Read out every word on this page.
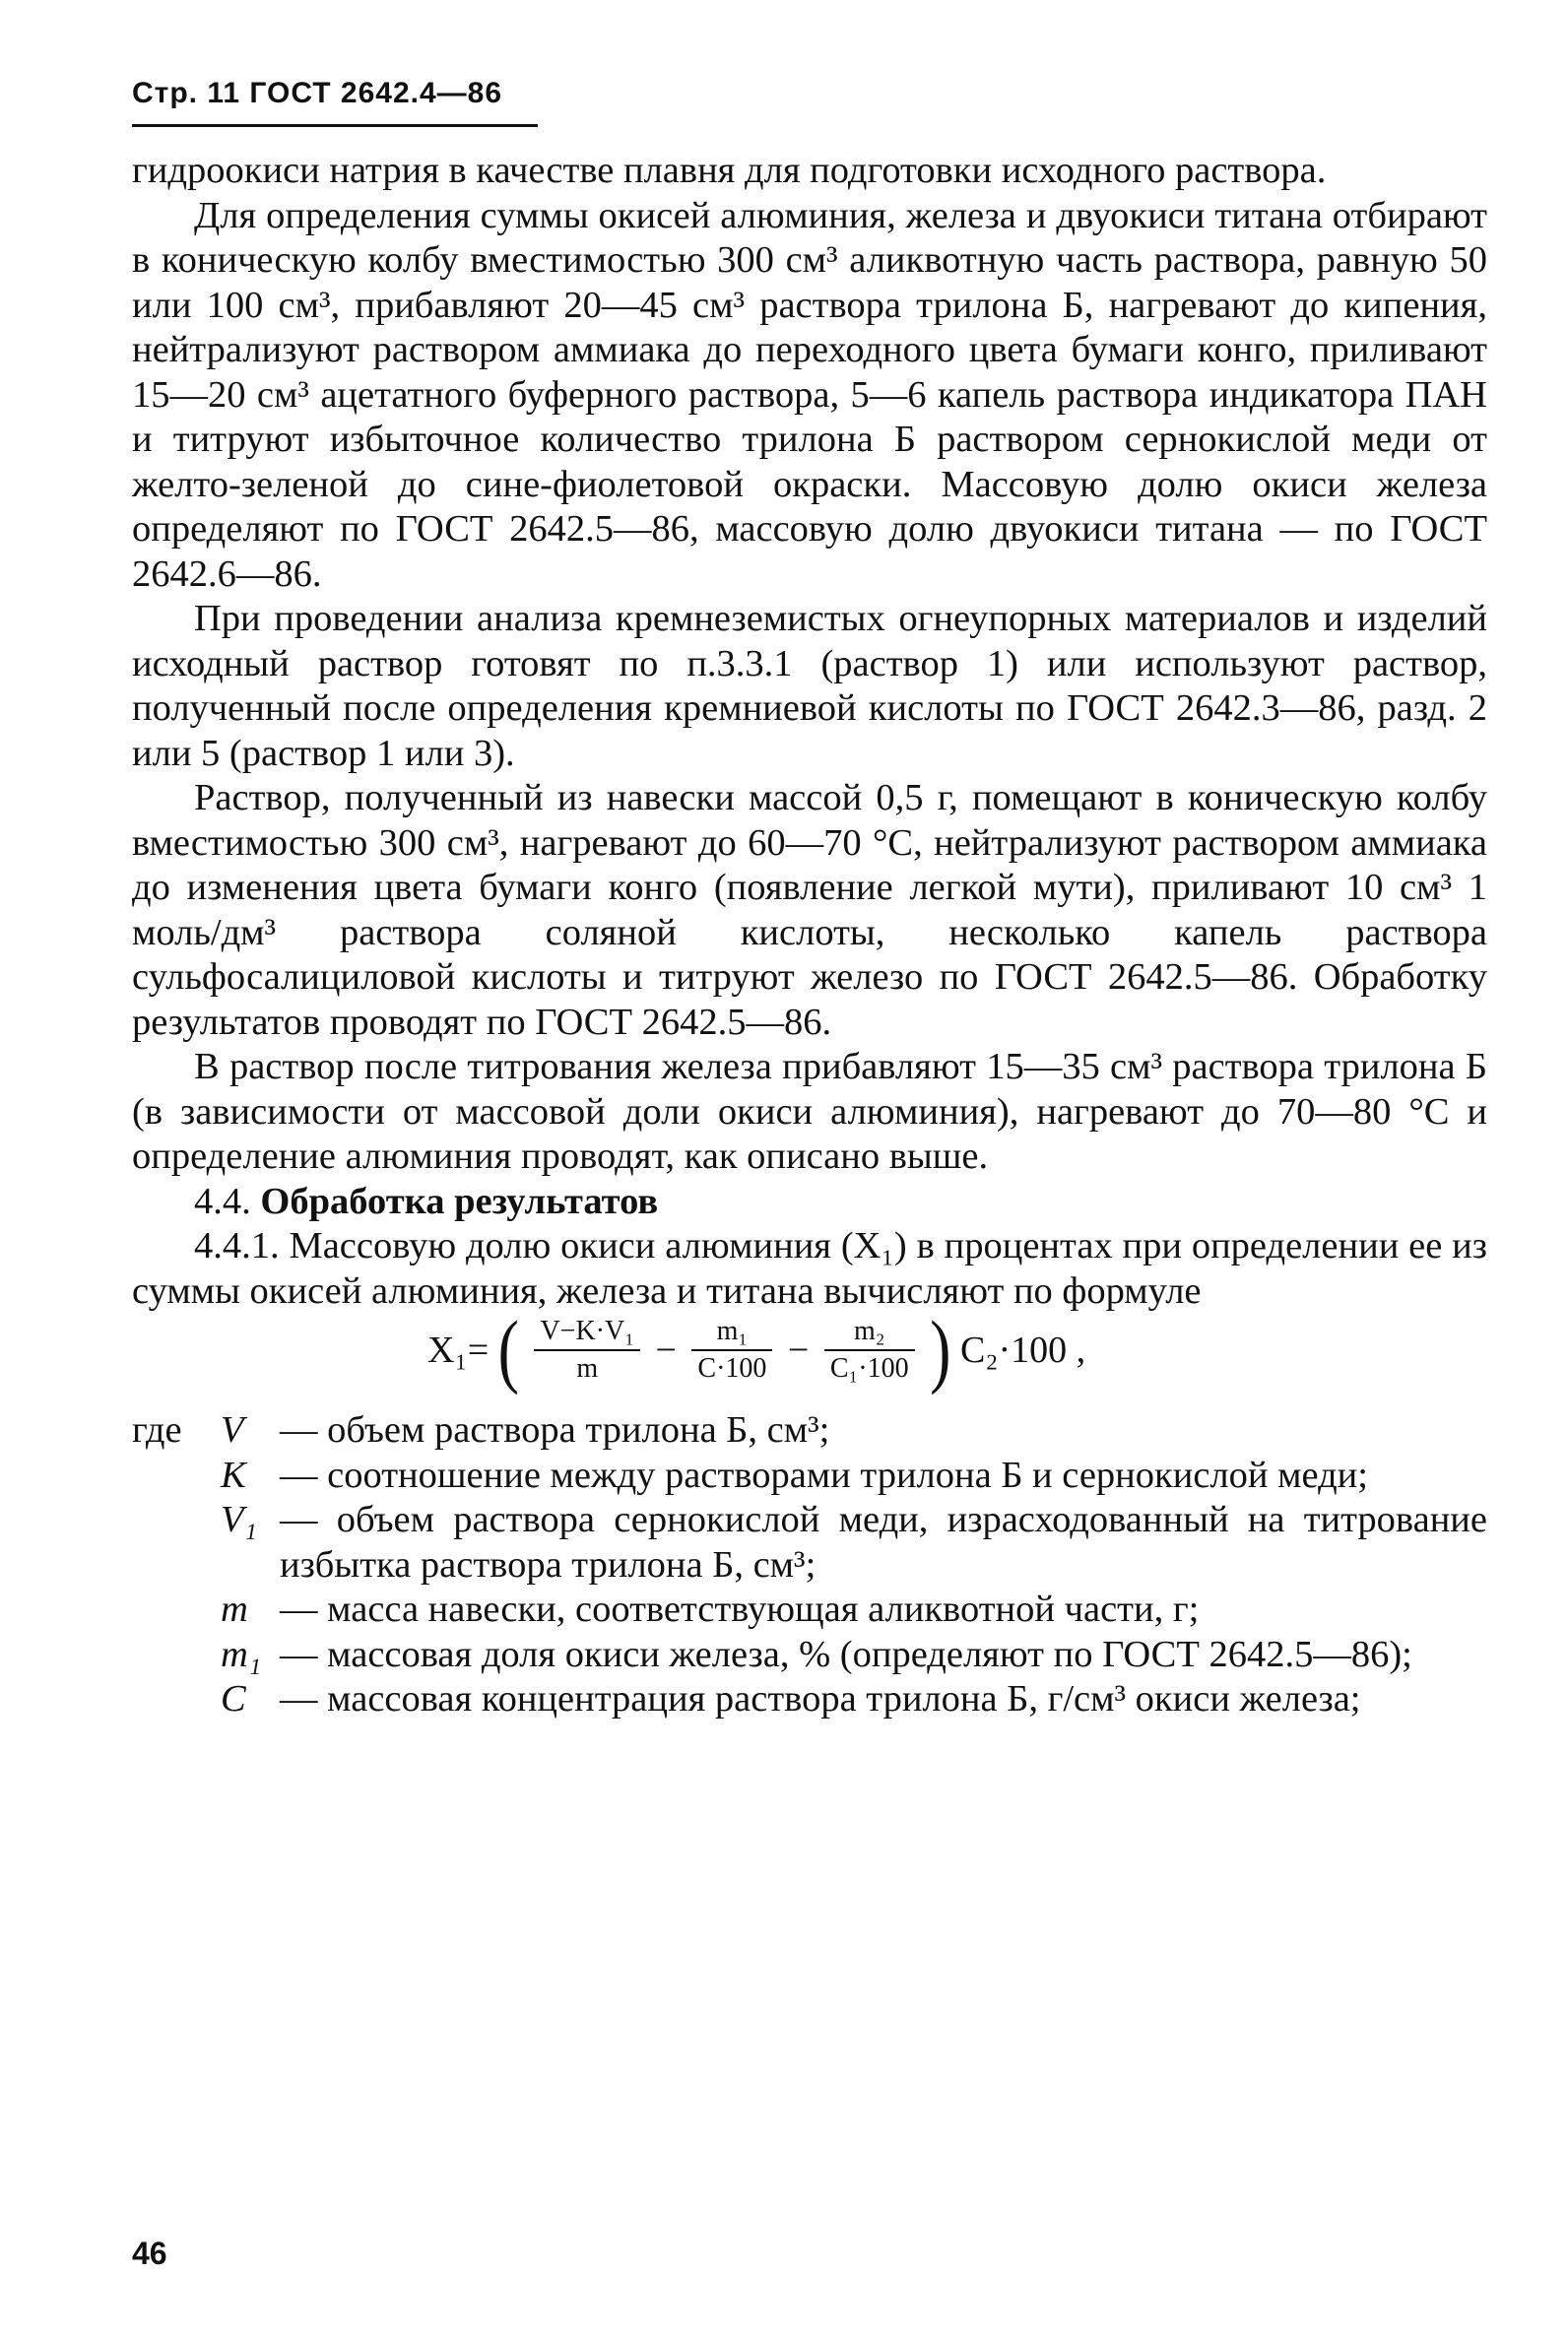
Стр. 11 ГОСТ 2642.4—86

гидроокиси натрия в качестве плавня для подготовки исходного раствора.

Для определения суммы окисей алюминия, железа и двуокиси титана отбирают в коническую колбу вместимостью 300 см³ аликвотную часть раствора, равную 50 или 100 см³, прибавляют 20—45 см³ раствора трилона Б, нагревают до кипения, нейтрализуют раствором аммиака до переходного цвета бумаги конго, приливают 15—20 см³ ацетатного буферного раствора, 5—6 капель раствора индикатора ПАН и титруют избыточное количество трилона Б раствором сернокислой меди от желто-зеленой до сине-фиолетовой окраски. Массовую долю окиси железа определяют по ГОСТ 2642.5—86, массовую долю двуокиси титана — по ГОСТ 2642.6—86.

При проведении анализа кремнеземистых огнеупорных материалов и изделий исходный раствор готовят по п.3.3.1 (раствор 1) или используют раствор, полученный после определения кремниевой кислоты по ГОСТ 2642.3—86, разд. 2 или 5 (раствор 1 или 3).

Раствор, полученный из навески массой 0,5 г, помещают в коническую колбу вместимостью 300 см³, нагревают до 60—70 °С, нейтрализуют раствором аммиака до изменения цвета бумаги конго (появление легкой мути), приливают 10 см³ 1 моль/дм³ раствора соляной кислоты, несколько капель раствора сульфосалициловой кислоты и титруют железо по ГОСТ 2642.5—86. Обработку результатов проводят по ГОСТ 2642.5—86.

В раствор после титрования железа прибавляют 15—35 см³ раствора трилона Б (в зависимости от массовой доли окиси алюминия), нагревают до 70—80 °С и определение алюминия проводят, как описано выше.

4.4. Обработка результатов

4.4.1. Массовую долю окиси алюминия (X₁) в процентах при определении ее из суммы окисей алюминия, железа и титана вычисляют по формуле

X₁= ( $\frac{\text{V−K·V₁}}{m} - \frac{\text{m₁}}{C\cdot 100} - \frac{\text{m₂}}{\text{C₁·100}}$ ) C₂·100 ,
где	V — объем раствора трилона Б, см³;
K — соотношение между растворами трилона Б и сернокислой меди;
V₁ — объем раствора сернокислой меди, израсходованный на титрование избытка раствора трилона Б, см³;
m — масса навески, соответствующая аликвотной части, г;
m₁ — массовая доля окиси железа, % (определяют по ГОСТ 2642.5—86);
C — массовая концентрация раствора трилона Б, г/см³ окиси железа;
46
